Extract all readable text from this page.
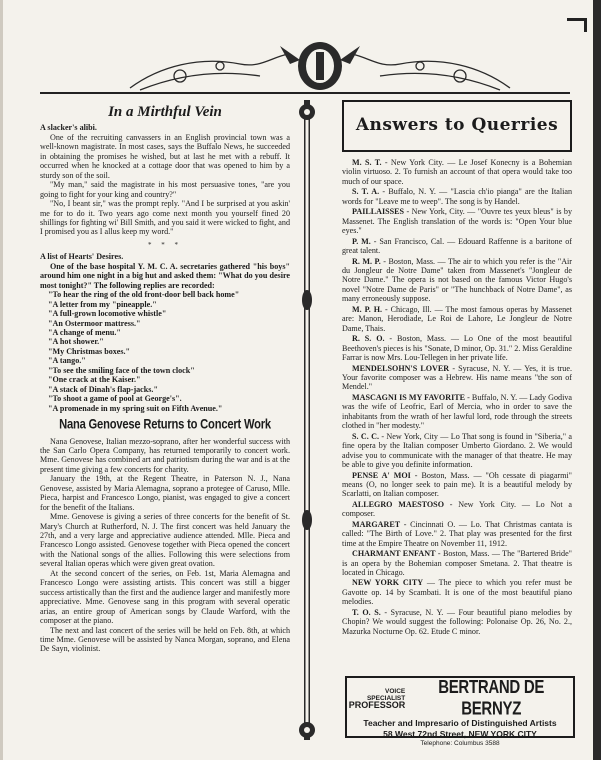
In a Mirthful Vein

A slacker's alibi.

One of the recruiting canvassers in an English provincial town was a well-known magistrate. In most cases, says the Buffalo News, he succeeded in obtaining the promises he wished, but at last he met with a rebuff. It occurred when he knocked at a cottage door that was opened to him by a sturdy son of the soil.

"My man," said the magistrate in his most persuasive tones, "are you going to fight for your king and country?"

"No, I beant sir," was the prompt reply. "And I be surprised at you askin' me for to do it. Two years ago come next month you yourself fined 20 shillings for fighting wi' Bill Smith, and you said it were wicked to fight, and I promised you as I allus keep my word."

* * *

A list of Hearts' Desires.

One of the base hospital Y. M. C. A. secretaries gathered "his boys" around him one night in a big hut and asked them: "What do you desire most tonight?" The following replies are recorded:

"To hear the ring of the old front-door bell back home"

"A letter from my "pineapple."

"A full-grown locomotive whistle"

"An Ostermoor mattress."

"A change of menu."

"A hot shower."

"My Christmas boxes."

"A tango."

"To see the smiling face of the town clock"

"One crack at the Kaiser."

"A stack of Dinah's flap-jacks."

"To shoot a game of pool at George's".

"A promenade in my spring suit on Fifth Avenue."

Nana Genovese Returns to Concert Work

Nana Genovese, Italian mezzo-soprano, after her wonderful success with the San Carlo Opera Company, has returned temporarily to concert work. Mme. Genovese has combined art and patriotism during the war and is at the present time giving a few concerts for charity.

January the 19th, at the Regent Theatre, in Paterson N. J., Nana Genovese, assisted by Maria Alemagna, soprano a protegee of Caruso, Mlle. Pieca, harpist and Francesco Longo, pianist, was engaged to give a concert for the benefit of the Italians.

Mme. Genovese is giving a series of three concerts for the benefit of St. Mary's Church at Rutherford, N. J. The first concert was held January the 27th, and a very large and appreciative audience attended. Mlle. Pieca and Francesco Longo assisted. Genovese together with Pieca opened the concert with the National songs of the allies. Following this were selections from several Italian operas which were given great ovation.

At the second concert of the series, on Feb. 1st, Maria Alemagna and Francesco Longo were assisting artists. This concert was still a bigger success artistically than the first and the audience larger and manifestly more appreciative. Mme. Genovese sang in this program with several operatic arias, an entire group of American songs by Claude Warford, with the composer at the piano.

The next and last concert of the series will be held on Feb. 8th, at which time Mme. Genovese will be assisted by Nanca Morgan, soprano, and Elena De Sayn, violinist.

Answers to Querries

M. S. T. - New York City. — Le Josef Konecny is a Bohemian violin virtuoso. 2. To furnish an account of that opera would take too much of our space.

S. T. A. - Buffalo, N. Y. — "Lascia ch'io pianga" are the Italian words for "Leave me to weep". The song is by Handel.

PAILLAISSES - New York, City. — "Ouvre tes yeux bleus" is by Massenet. The English translation of the words is: "Open Your blue eyes."

P. M. - San Francisco, Cal. — Edouard Raffenne is a baritone of great talent.

R. M. P. - Boston, Mass. — The air to which you refer is the "Air du Jongleur de Notre Dame" taken from Massenet's "Jongleur de Notre Dame." The opera is not based on the famous Victor Hugo's novel "Notre Dame de Paris" or "The hunchback of Notre Dame", as many erroneously suppose.

M. P. H. - Chicago, Ill. — The most famous operas by Massenet are: Manon, Herodiade, Le Roi de Lahore, Le Jongleur de Notre Dame, Thais.

R. S. O. - Boston, Mass. — Lo One of the most beautiful Beethoven's pieces is his "Sonate, D minor, Op. 31." 2. Miss Geraldine Farrar is now Mrs. Lou-Tellegen in her private life.

MENDELSOHN'S LOVER - Syracuse, N. Y. — Yes, it is true. Your favorite composer was a Hebrew. His name means "the son of Mendel."

MASCAGNI IS MY FAVORITE - Buffalo, N. Y. — Lady Godiva was the wife of Leofric, Earl of Mercia, who in order to save the inhabitants from the wrath of her lawful lord, rode through the streets clothed in "her modesty."

S. C. C. - New York, City — Lo That song is found in "Siberia," a fine opera by the Italian composer Umberto Giordano. 2. We would advise you to communicate with the manager of that theatre. He may be able to give you definite information.

PENSE A' MOI - Boston, Mass. — "Oh cessate di piagarmi" means (O, no longer seek to pain me). It is a beautiful melody by Scarlatti, on Italian composer.

ALLEGRO MAESTOSO - New York City. — Lo Not a composer.

MARGARET - Cincinnati O. — Lo. That Christmas cantata is called: "The Birth of Love." 2. That play was presented for the first time at the Empire Theatre on November 11, 1912.

CHARMANT ENFANT - Boston, Mass. — The "Bartered Bride" is an opera by the Bohemian composer Smetana. 2. That theatre is located in Chicago.

NEW YORK CITY — The piece to which you refer must be Gavotte op. 14 by Scambati. It is one of the most beautiful piano melodies.

T. O. S. - Syracuse, N. Y. — Four beautiful piano melodies by Chopin? We would suggest the following: Polonaise Op. 26, No. 2., Mazurka Nocturne Op. 62. Etude C minor.

VOICE SPECIALIST
PROFESSOR
BERTRAND DE BERNYZ
Teacher and Impresario of Distinguished Artists
58 West 72nd Street, NEW YORK CITY
Telephone: Columbus 3588
